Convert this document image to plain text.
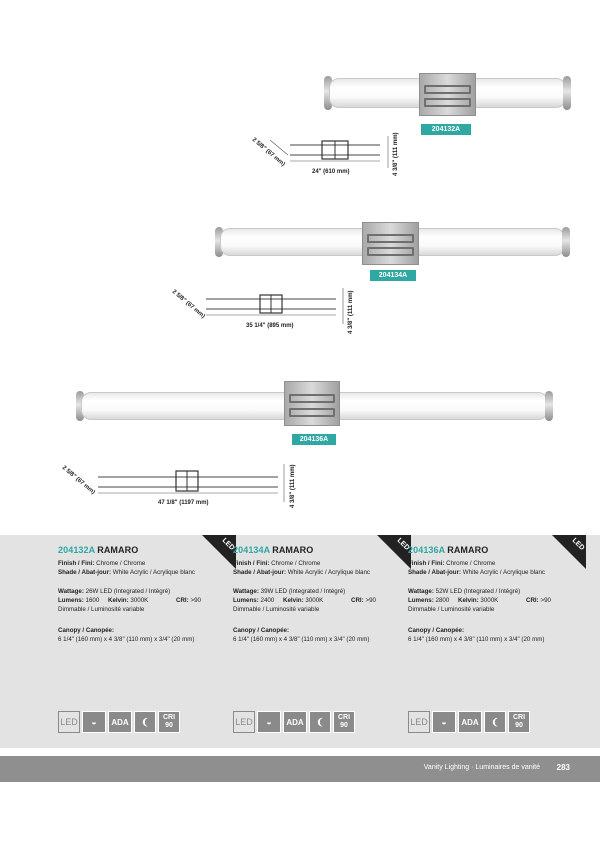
204132A
24" (610 mm)	4 3/8" (111 mm)
2 5/8" (67 mm)
204134A
35 1/4" (895 mm)	4 3/8" (111 mm)
2 5/8" (67 mm)
204136A
47 1/8" (1197 mm)	4 3/8" (111 mm)
2 5/8" (67 mm)
LED
204132A RAMARO
Finish / Fini: Chrome / Chrome
Shade / Abat-jour: White Acrylic / Acrylique blanc
Wattage: 26W LED (Integrated / Intégré)
Lumens: 1600 Kelvin: 3000K	CRI: >90
Dimmable / Luminosité variable
Canopy / Canopée:
6 1/4" (160 mm) x 4 3/8" (110 mm) x 3/4" (20 mm)
LED	◒	ADA	❨	CRI
90
LED
204134A RAMARO
Finish / Fini: Chrome / Chrome
Shade / Abat-jour: White Acrylic / Acrylique blanc
Wattage: 39W LED (Integrated / Intégré)
Lumens: 2400 Kelvin: 3000K	CRI: >90
Dimmable / Luminosité variable
Canopy / Canopée:
6 1/4" (160 mm) x 4 3/8" (110 mm) x 3/4" (20 mm)
LED	◒	ADA	❨	CRI
90
LED
204136A RAMARO
Finish / Fini: Chrome / Chrome
Shade / Abat-jour: White Acrylic / Acrylique blanc
Wattage: 52W LED (Integrated / Intégré)
Lumens: 2800 Kelvin: 3000K	CRI: >90
Dimmable / Luminosité variable
Canopy / Canopée:
6 1/4" (160 mm) x 4 3/8" (110 mm) x 3/4" (20 mm)
LED	◒	ADA	❨	CRI
90
Vanity Lighting · Luminaires de vanité 283
